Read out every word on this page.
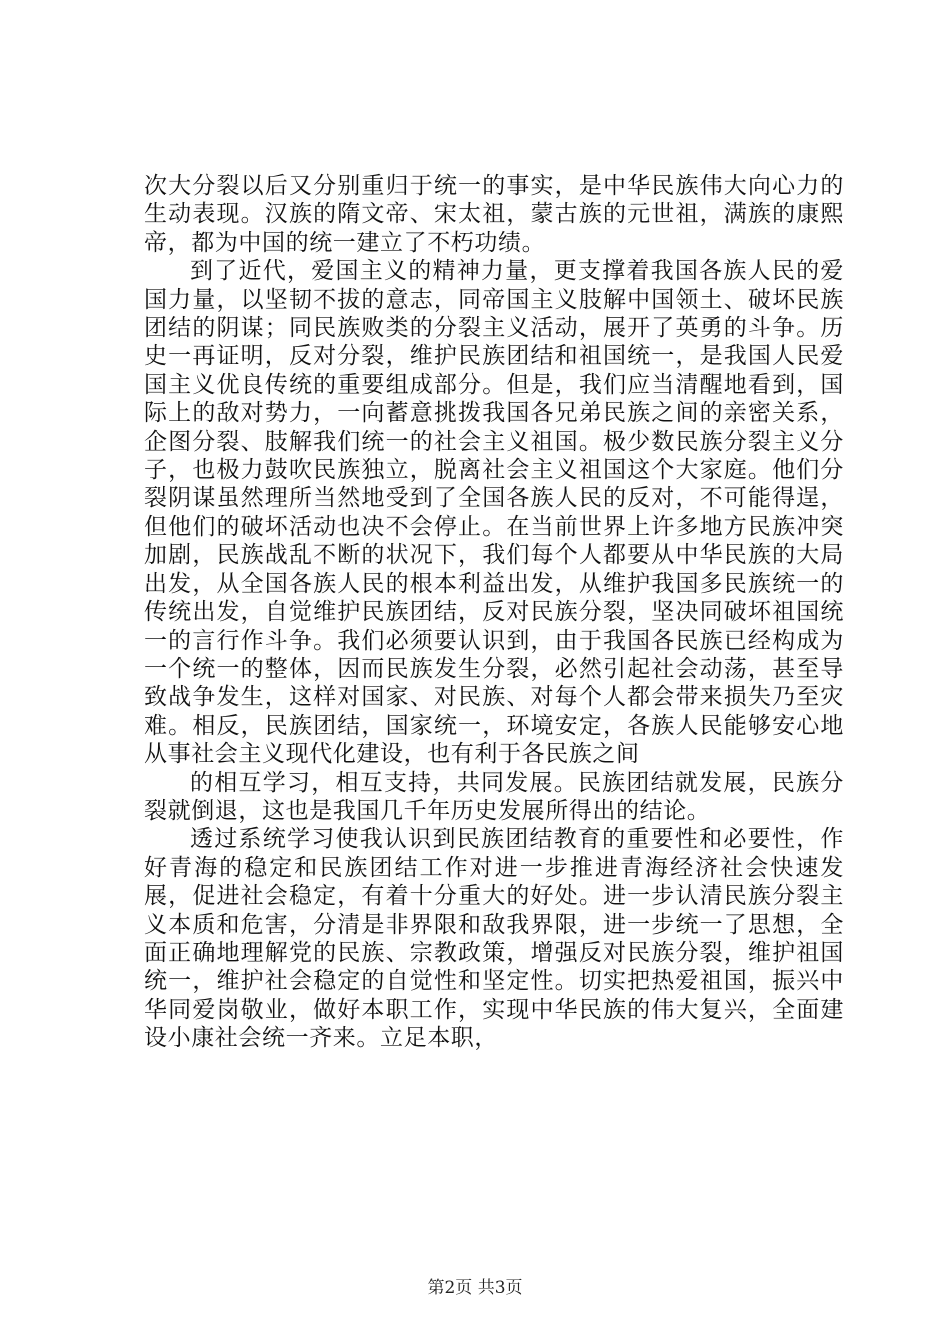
次大分裂以后又分别重归于统一的事实，是中华民族伟大向心力的生动表现。汉族的隋文帝、宋太祖，蒙古族的元世祖，满族的康熙帝，都为中国的统一建立了不朽功绩。

到了近代，爱国主义的精神力量，更支撑着我国各族人民的爱国力量，以坚韧不拔的意志，同帝国主义肢解中国领土、破坏民族团结的阴谋；同民族败类的分裂主义活动，展开了英勇的斗争。历史一再证明，反对分裂，维护民族团结和祖国统一，是我国人民爱国主义优良传统的重要组成部分。但是，我们应当清醒地看到，国际上的敌对势力，一向蓄意挑拨我国各兄弟民族之间的亲密关系，企图分裂、肢解我们统一的社会主义祖国。极少数民族分裂主义分子，也极力鼓吹民族独立，脱离社会主义祖国这个大家庭。他们分裂阴谋虽然理所当然地受到了全国各族人民的反对，不可能得逞，但他们的破坏活动也决不会停止。在当前世界上许多地方民族冲突加剧，民族战乱不断的状况下，我们每个人都要从中华民族的大局出发，从全国各族人民的根本利益出发，从维护我国多民族统一的传统出发，自觉维护民族团结，反对民族分裂，坚决同破坏祖国统一的言行作斗争。我们必须要认识到，由于我国各民族已经构成为一个统一的整体，因而民族发生分裂，必然引起社会动荡，甚至导致战争发生，这样对国家、对民族、对每个人都会带来损失乃至灾难。相反，民族团结，国家统一，环境安定，各族人民能够安心地从事社会主义现代化建设，也有利于各民族之间

的相互学习，相互支持，共同发展。民族团结就发展，民族分裂就倒退，这也是我国几千年历史发展所得出的结论。

透过系统学习使我认识到民族团结教育的重要性和必要性，作好青海的稳定和民族团结工作对进一步推进青海经济社会快速发展，促进社会稳定，有着十分重大的好处。进一步认清民族分裂主义本质和危害，分清是非界限和敌我界限，进一步统一了思想，全面正确地理解党的民族、宗教政策，增强反对民族分裂，维护祖国统一，维护社会稳定的自觉性和坚定性。切实把热爱祖国，振兴中华同爱岗敬业，做好本职工作，实现中华民族的伟大复兴，全面建设小康社会统一齐来。立足本职，

第2页 共3页
